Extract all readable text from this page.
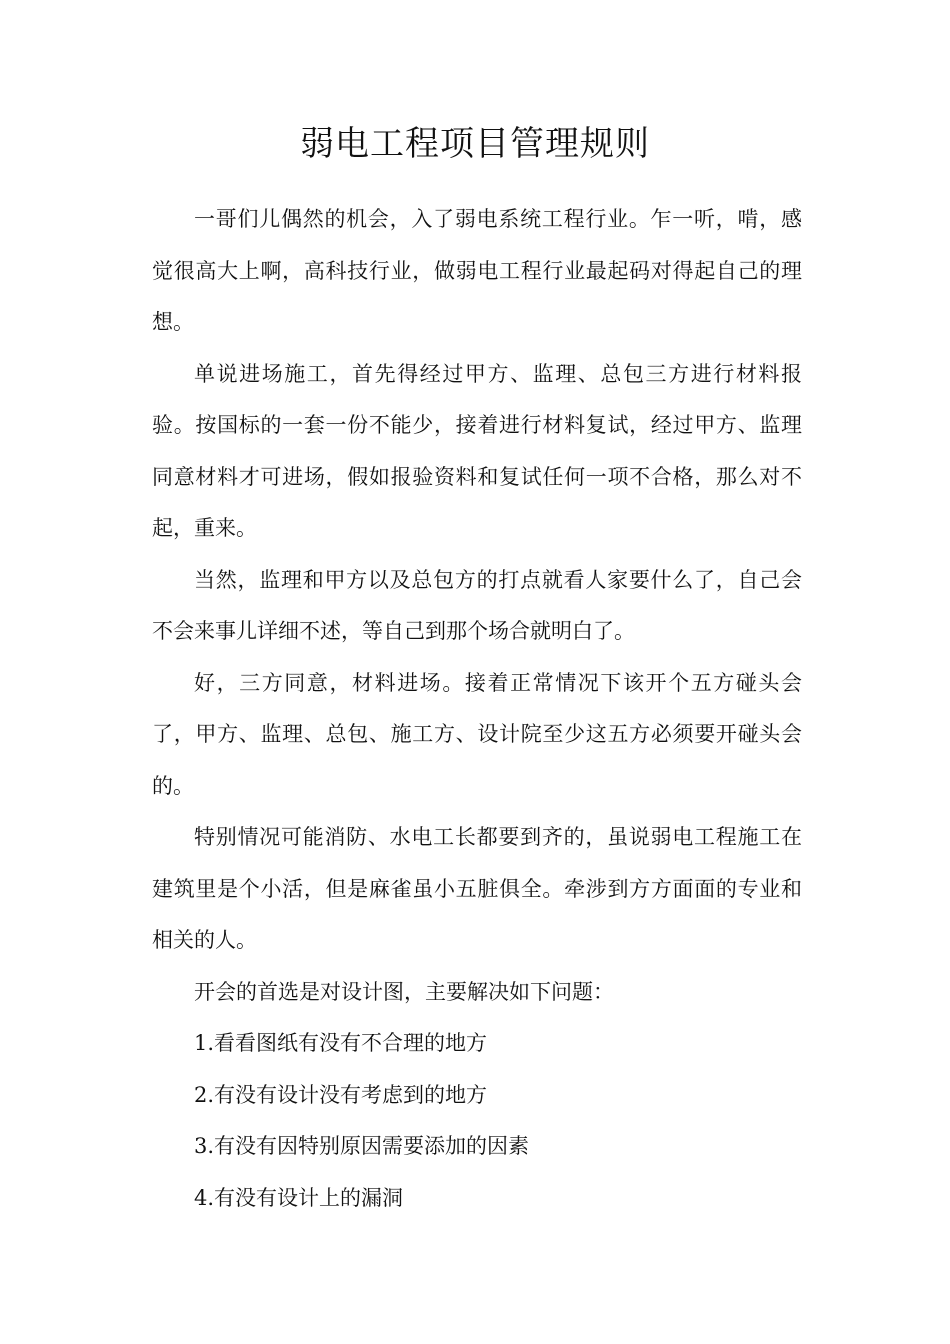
弱电工程项目管理规则

一哥们儿偶然的机会，入了弱电系统工程行业。乍一听，啃，感觉很高大上啊，高科技行业，做弱电工程行业最起码对得起自己的理想。

单说进场施工，首先得经过甲方、监理、总包三方进行材料报验。按国标的一套一份不能少，接着进行材料复试，经过甲方、监理同意材料才可进场，假如报验资料和复试任何一项不合格，那么对不起，重来。

当然，监理和甲方以及总包方的打点就看人家要什么了，自己会不会来事儿详细不述，等自己到那个场合就明白了。

好，三方同意，材料进场。接着正常情况下该开个五方碰头会了，甲方、监理、总包、施工方、设计院至少这五方必须要开碰头会的。

特别情况可能消防、水电工长都要到齐的，虽说弱电工程施工在建筑里是个小活，但是麻雀虽小五脏俱全。牵涉到方方面面的专业和相关的人。

开会的首选是对设计图，主要解决如下问题：

1.看看图纸有没有不合理的地方

2.有没有设计没有考虑到的地方

3.有没有因特别原因需要添加的因素

4.有没有设计上的漏洞
